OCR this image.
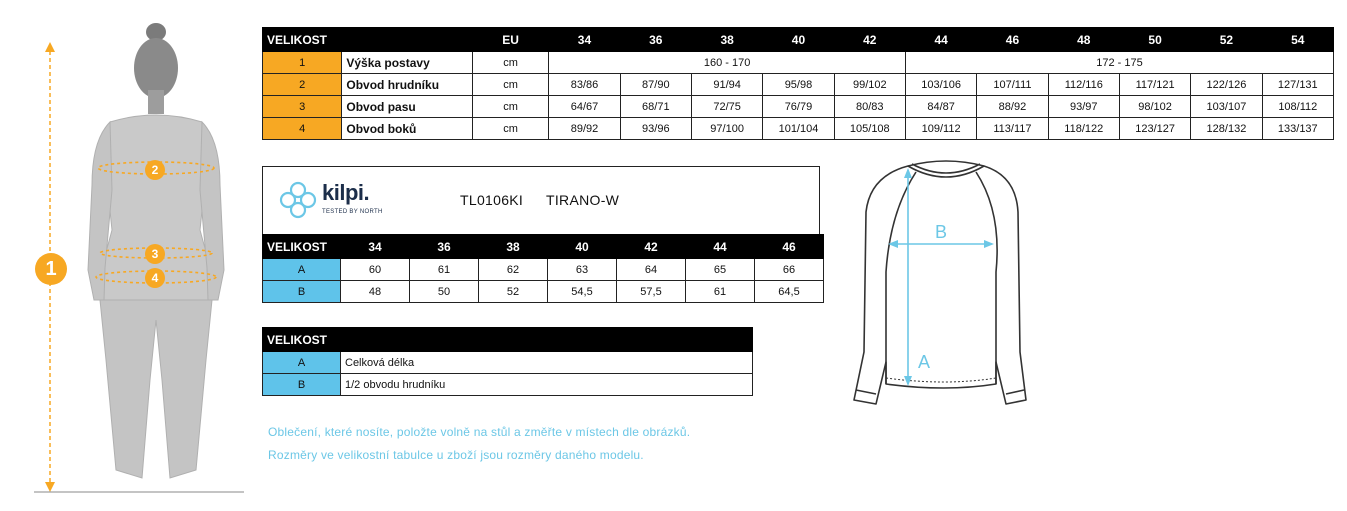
1
2
3
4
VELIKOST		EU	34	36	38	40	42	44	46	48	50	52	54
1	Výška postavy	cm	160 - 170					172 - 175					
2	Obvod hrudníku	cm	83/86	87/90	91/94	95/98	99/102	103/106	107/111	112/116	117/121	122/126	127/131
3	Obvod pasu	cm	64/67	68/71	72/75	76/79	80/83	84/87	88/92	93/97	98/102	103/107	108/112
4	Obvod boků	cm	89/92	93/96	97/100	101/104	105/108	109/112	113/117	118/122	123/127	128/132	133/137
kilpi.
TESTED BY NORTH
TL0106KI TIRANO-W
VELIKOST	34	36	38	40	42	44	46
A	60	61	62	63	64	65	66
B	48	50	52	54,5	57,5	61	64,5
VELIKOST	
A	Celková délka
B	1/2 obvodu hrudníku
Oblečení, které nosíte, položte volně na stůl a změřte v místech dle obrázků.
Rozměry ve velikostní tabulce u zboží jsou rozměry daného modelu.
B
A
